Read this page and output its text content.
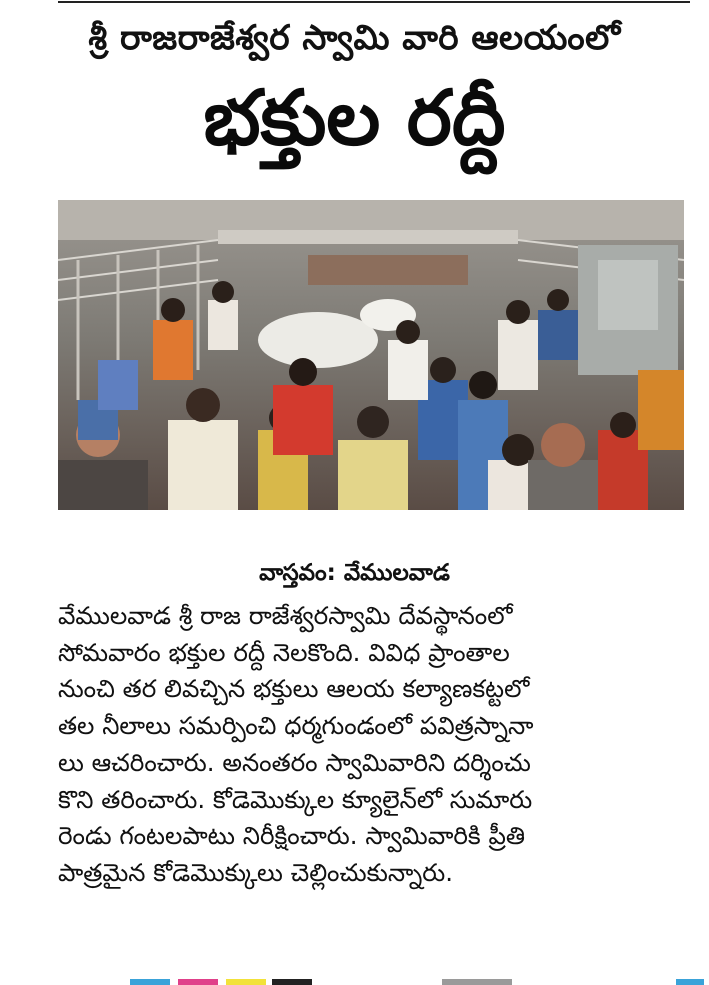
శ్రీ రాజరాజేశ్వర స్వామి వారి ఆలయంలో
భక్తుల రద్దీ
వాస్తవం: వేములవాడ
వేములవాడ శ్రీ రాజ రాజేశ్వరస్వామి దేవస్థానంలో
సోమవారం భక్తుల రద్దీ నెలకొంది. వివిధ ప్రాంతాల
నుంచి తర లివచ్చిన భక్తులు ఆలయ కల్యాణకట్టలో
తల నీలాలు సమర్పించి ధర్మగుండంలో పవిత్రస్నానా
లు ఆచరించారు. అనంతరం స్వామివారిని దర్శించు
కొని తరించారు. కోడెమొక్కుల క్యూలైన్‌లో సుమారు
రెండు గంటలపాటు నిరీక్షించారు. స్వామివారికి ప్రీతి
పాత్రమైన కోడెమొక్కులు చెల్లించుకున్నారు.
